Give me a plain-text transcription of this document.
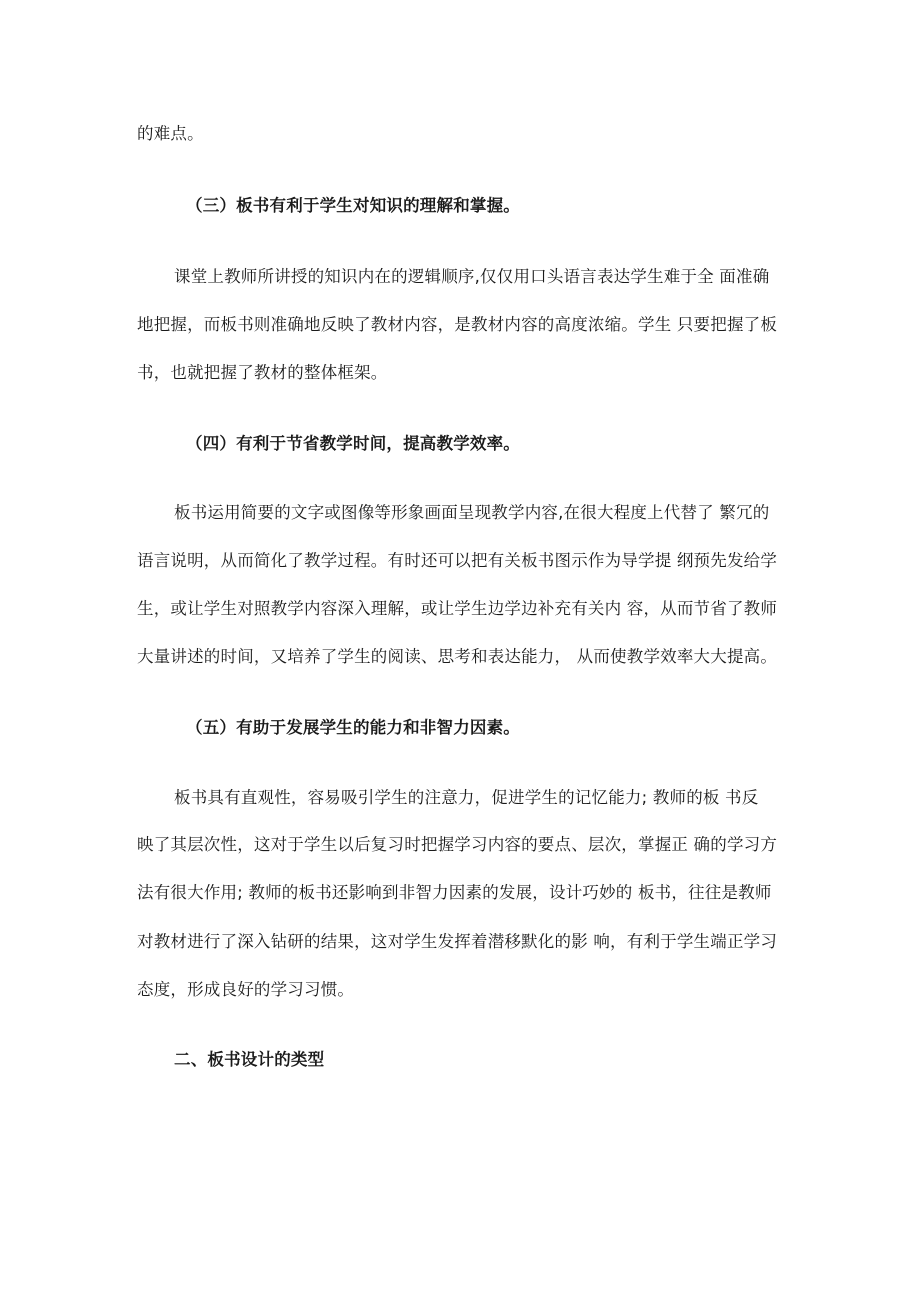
的难点。
（三）板书有利于学生对知识的理解和掌握。
课堂上教师所讲授的知识内在的逻辑顺序,仅仅用口头语言表达学生难于全 面准确
地把握，而板书则准确地反映了教材内容，是教材内容的高度浓缩。学生 只要把握了板
书，也就把握了教材的整体框架。
（四）有利于节省教学时间，提高教学效率。
板书运用简要的文字或图像等形象画面呈现教学内容,在很大程度上代替了 繁冗的
语言说明，从而简化了教学过程。有时还可以把有关板书图示作为导学提 纲预先发给学
生，或让学生对照教学内容深入理解，或让学生边学边补充有关内 容，从而节省了教师
大量讲述的时间，又培养了学生的阅读、思考和表达能力， 从而使教学效率大大提高。
（五）有助于发展学生的能力和非智力因素。
板书具有直观性，容易吸引学生的注意力，促进学生的记忆能力; 教师的板 书反
映了其层次性，这对于学生以后复习时把握学习内容的要点、层次，掌握正 确的学习方
法有很大作用; 教师的板书还影响到非智力因素的发展，设计巧妙的 板书，往往是教师
对教材进行了深入钻研的结果，这对学生发挥着潜移默化的影 响，有利于学生端正学习
态度，形成良好的学习习惯。
二、板书设计的类型
